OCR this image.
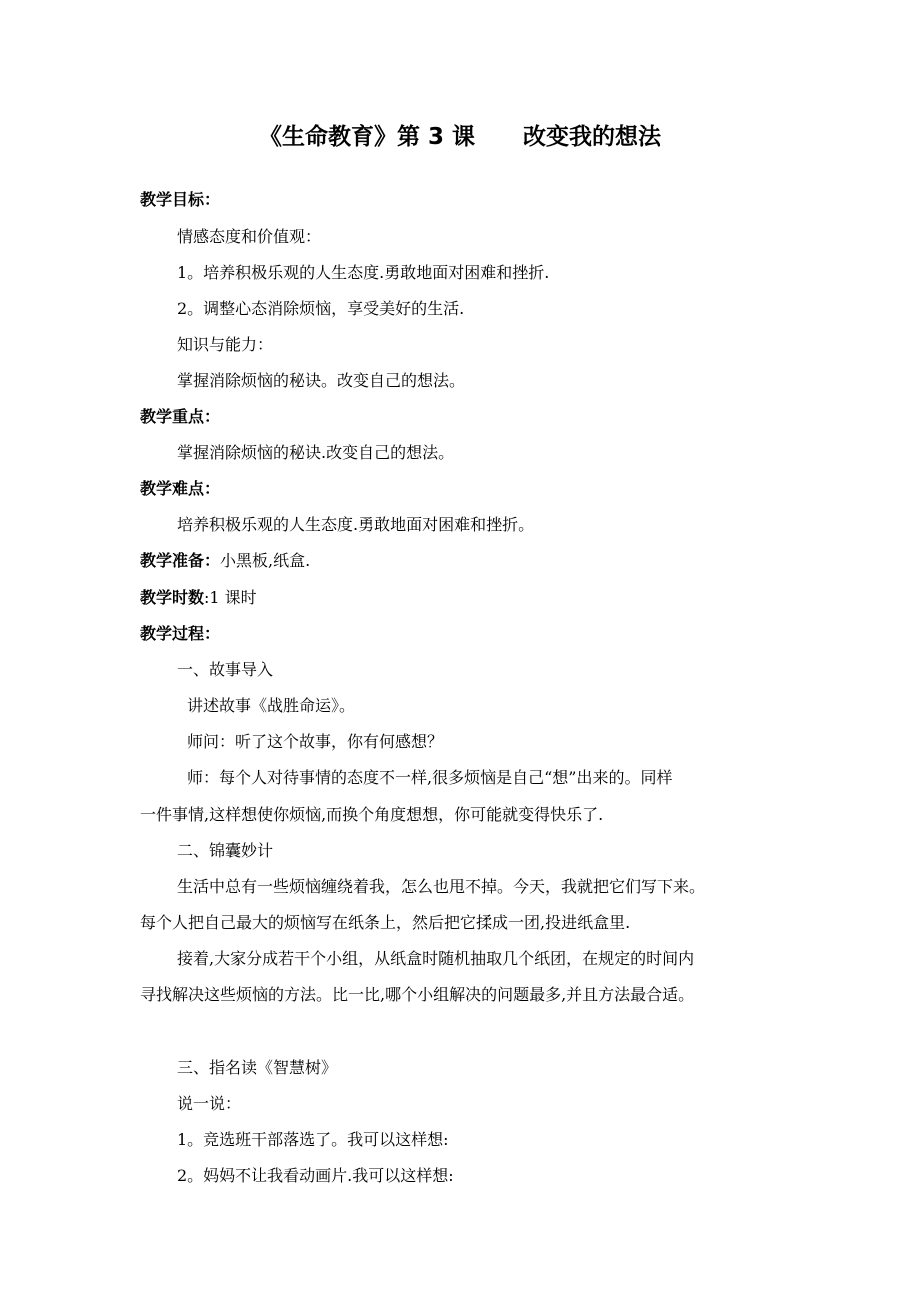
《生命教育》第 3 课      改变我的想法
教学目标：
情感态度和价值观：
1。培养积极乐观的人生态度.勇敢地面对困难和挫折.
2。调整心态消除烦恼，享受美好的生活.
知识与能力：
掌握消除烦恼的秘诀。改变自己的想法。
教学重点：
掌握消除烦恼的秘诀.改变自己的想法。
教学难点：
培养积极乐观的人生态度.勇敢地面对困难和挫折。
教学准备：小黑板,纸盒.
教学时数:1 课时
教学过程：
一、故事导入
讲述故事《战胜命运》。
师问：听了这个故事，你有何感想？
师：每个人对待事情的态度不一样,很多烦恼是自己“想”出来的。同样
一件事情,这样想使你烦恼,而换个角度想想，你可能就变得快乐了.
二、锦囊妙计
生活中总有一些烦恼缠绕着我，怎么也甩不掉。今天，我就把它们写下来。
每个人把自己最大的烦恼写在纸条上，然后把它揉成一团,投进纸盒里.
接着,大家分成若干个小组，从纸盒时随机抽取几个纸团，在规定的时间内
寻找解决这些烦恼的方法。比一比,哪个小组解决的问题最多,并且方法最合适。
三、指名读《智慧树》
说一说：
1。竞选班干部落选了。我可以这样想:
2。妈妈不让我看动画片.我可以这样想:
